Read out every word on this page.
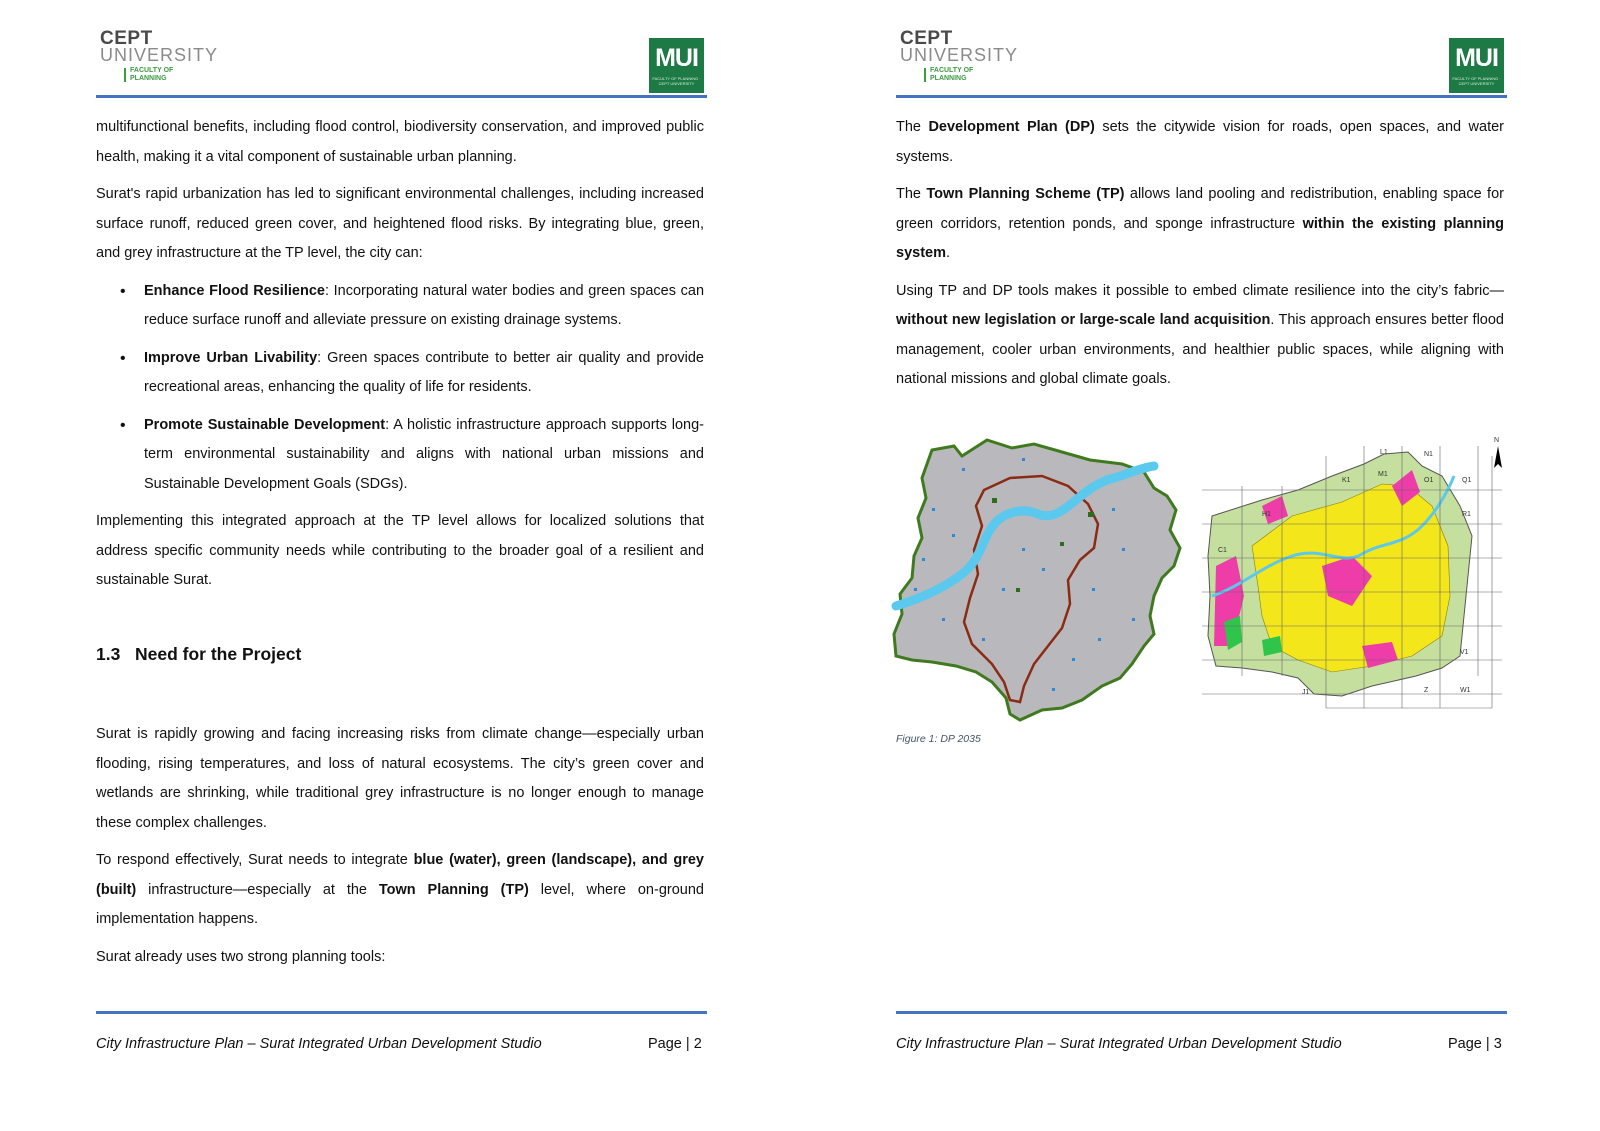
CEPT
UNIVERSITY
FACULTY OF PLANNING
MUI
FACULTY OF PLANNING · CEPT UNIVERSITY

multifunctional benefits, including flood control, biodiversity conservation, and improved public health, making it a vital component of sustainable urban planning.

Surat's rapid urbanization has led to significant environmental challenges, including increased surface runoff, reduced green cover, and heightened flood risks. By integrating blue, green, and grey infrastructure at the TP level, the city can:

• Enhance Flood Resilience: Incorporating natural water bodies and green spaces can reduce surface runoff and alleviate pressure on existing drainage systems.
• Improve Urban Livability: Green spaces contribute to better air quality and provide recreational areas, enhancing the quality of life for residents.
• Promote Sustainable Development: A holistic infrastructure approach supports long-term environmental sustainability and aligns with national urban missions and Sustainable Development Goals (SDGs).

Implementing this integrated approach at the TP level allows for localized solutions that address specific community needs while contributing to the broader goal of a resilient and sustainable Surat.

1.3 Need for the Project

Surat is rapidly growing and facing increasing risks from climate change—especially urban flooding, rising temperatures, and loss of natural ecosystems. The city’s green cover and wetlands are shrinking, while traditional grey infrastructure is no longer enough to manage these complex challenges.

To respond effectively, Surat needs to integrate blue (water), green (landscape), and grey (built) infrastructure—especially at the Town Planning (TP) level, where on-ground implementation happens.

Surat already uses two strong planning tools:

City Infrastructure Plan – Surat Integrated Urban Development Studio	Page | 2
CEPT
UNIVERSITY
FACULTY OF PLANNING
MUI
FACULTY OF PLANNING · CEPT UNIVERSITY

The Development Plan (DP) sets the citywide vision for roads, open spaces, and water systems.

The Town Planning Scheme (TP) allows land pooling and redistribution, enabling space for green corridors, retention ponds, and sponge infrastructure within the existing planning system.

Using TP and DP tools makes it possible to embed climate resilience into the city’s fabric—without new legislation or large-scale land acquisition. This approach ensures better flood management, cooler urban environments, and healthier public spaces, while aligning with national missions and global climate goals.

L1	N1
K1
M1
O1	Q1
H1	R1
C1
J1	Z	W1
V1
N
Figure 1: DP 2035
City Infrastructure Plan – Surat Integrated Urban Development Studio	Page | 3
